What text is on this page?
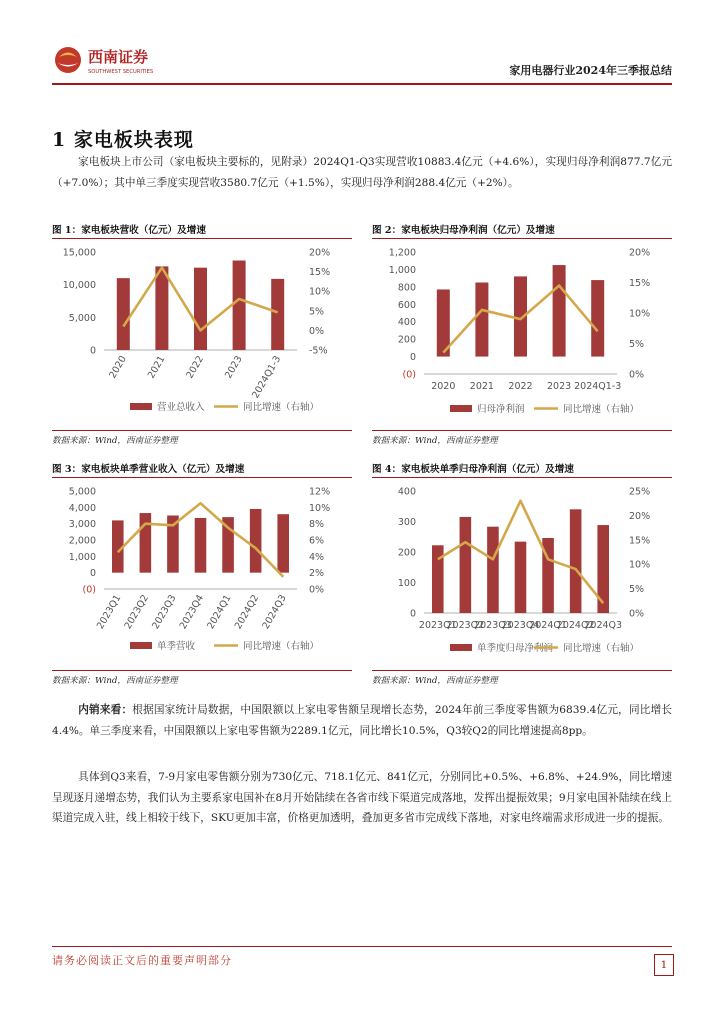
西南证券
SOUTHWEST SECURITIES	家用电器行业2024年三季报总结
1 家电板块表现

家电板块上市公司（家电板块主要标的，见附录）2024Q1-Q3实现营收10883.4亿元（+4.6%），实现归母净利润877.7亿元（+7.0%）；其中单三季度实现营收3580.7亿元（+1.5%），实现归母净利润288.4亿元（+2%）。

图 1：家电板块营收（亿元）及增速
0
5,000
10,000
15,000
-5%
0%
5%
10%
15%
20%
2020 2021 2022 2023 2024Q1-3
营业总收入	同比增速（右轴）
数据来源：Wind，西南证券整理
图 2：家电板块归母净利润（亿元）及增速
(0)
0
200
400
600
800
1,000
1,200
0%
5%
10%
15%
20%
2020 2021 2022 2023 2024Q1-3
归母净利润	同比增速（右轴）
数据来源：Wind，西南证券整理
图 3：家电板块单季营业收入（亿元）及增速
(0)
0
1,000
2,000
3,000
4,000
5,000
0%
2%
4%
6%
8%
10%
12%
2023Q1 2023Q2 2023Q3 2023Q4 2024Q1 2024Q2 2024Q3
单季营收	同比增速（右轴）
数据来源：Wind，西南证券整理
图 4：家电板块单季归母净利润（亿元）及增速
0
100
200
300
400
0%
5%
10%
15%
20%
25%
2023Q1
2023Q2
2023Q3
2023Q4
2024Q1
2024Q2
2024Q3
单季度归母净利润 同比增速（右轴）
数据来源：Wind，西南证券整理

内销来看：根据国家统计局数据，中国限额以上家电零售额呈现增长态势，2024年前三季度零售额为6839.4亿元，同比增长4.4%。单三季度来看，中国限额以上家电零售额为2289.1亿元，同比增长10.5%，Q3较Q2的同比增速提高8pp。

具体到Q3来看，7-9月家电零售额分别为730亿元、718.1亿元、841亿元，分别同比+0.5%、+6.8%、+24.9%，同比增速呈现逐月递增态势，我们认为主要系家电国补在8月开始陆续在各省市线下渠道完成落地，发挥出提振效果；9月家电国补陆续在线上渠道完成入驻，线上相较于线下，SKU更加丰富，价格更加透明，叠加更多省市完成线下落地，对家电终端需求形成进一步的提振。

请务必阅读正文后的重要声明部分	1
